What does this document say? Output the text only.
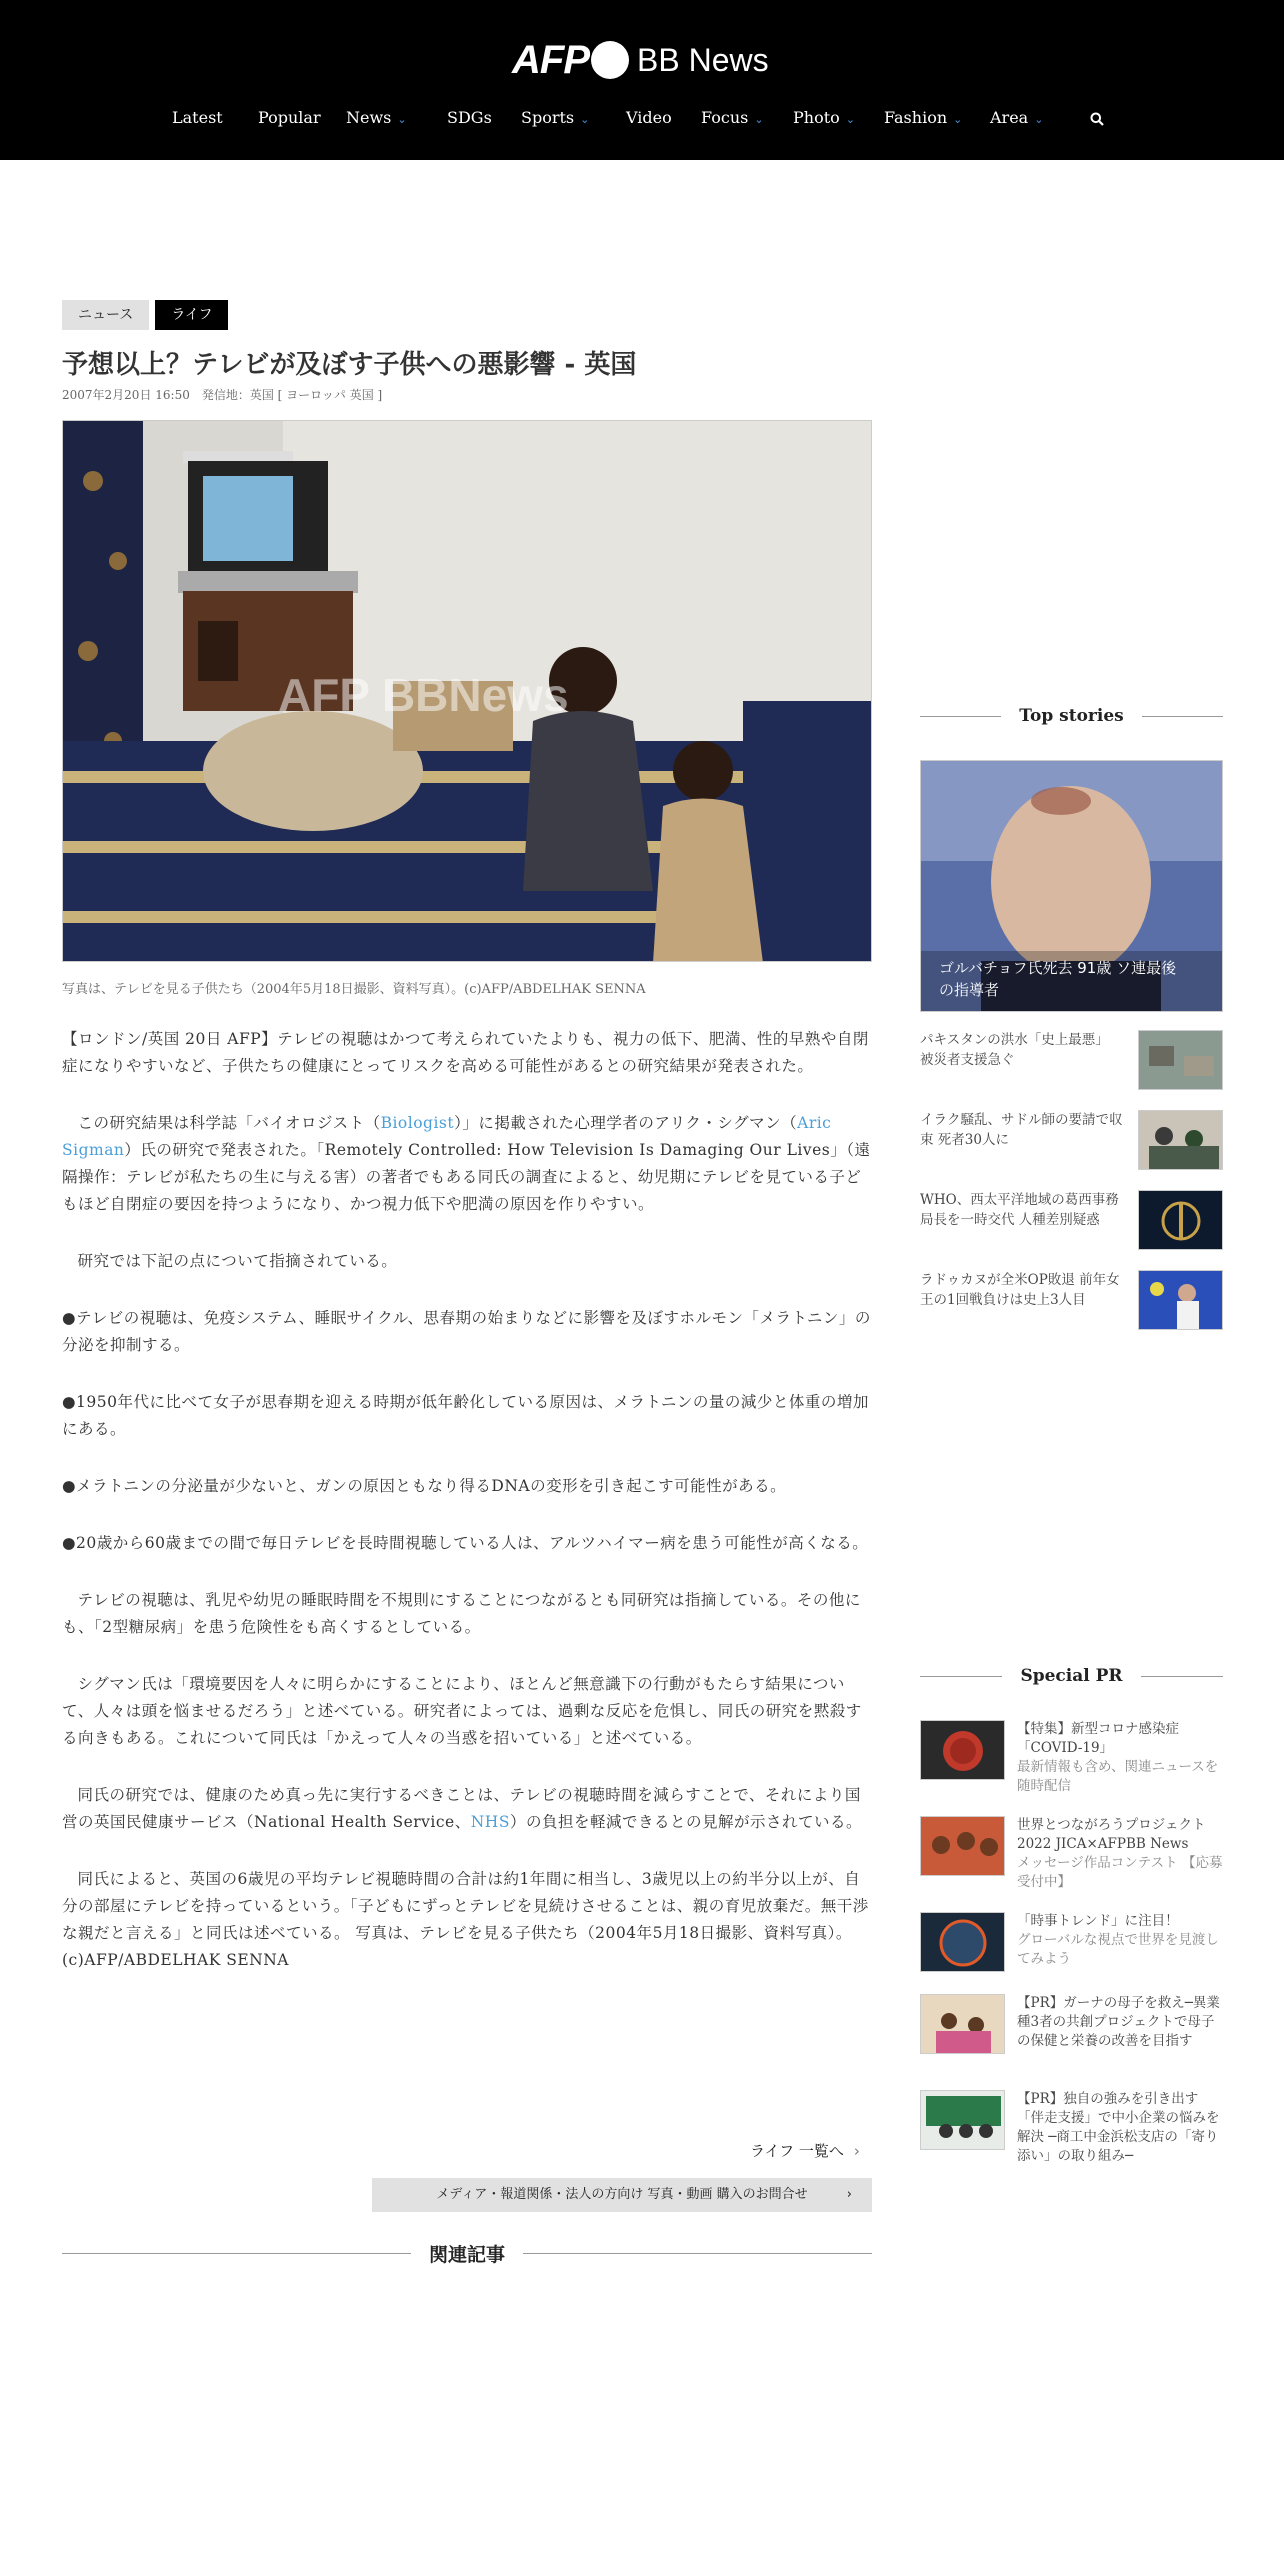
AFP BB News
Latest Popular News ⌄	SDGs Sports ⌄ Video Focus ⌄ Photo ⌄ Fashion ⌄ Area ⌄
ニュース	ライフ
予想以上？テレビが及ぼす子供への悪影響 - 英国
2007年2月20日 16:50　発信地：英国 [ ヨーロッパ 英国 ]
AFP BBNews
写真は、テレビを見る子供たち（2004年5月18日撮影、資料写真）。(c)AFP/ABDELHAK SENNA

【ロンドン/英国 20日 AFP】テレビの視聴はかつて考えられていたよりも、視力の低下、肥満、性的早熟や自閉症になりやすいなど、子供たちの健康にとってリスクを高める可能性があるとの研究結果が発表された。

この研究結果は科学誌「バイオロジスト（Biologist）」に掲載された心理学者のアリク・シグマン（Aric Sigman）氏の研究で発表された。「Remotely Controlled: How Television Is Damaging Our Lives」（遠隔操作：テレビが私たちの生に与える害）の著者でもある同氏の調査によると、幼児期にテレビを見ている子どもほど自閉症の要因を持つようになり、かつ視力低下や肥満の原因を作りやすい。

研究では下記の点について指摘されている。

●テレビの視聴は、免疫システム、睡眠サイクル、思春期の始まりなどに影響を及ぼすホルモン「メラトニン」の分泌を抑制する。

●1950年代に比べて女子が思春期を迎える時期が低年齢化している原因は、メラトニンの量の減少と体重の増加にある。

●メラトニンの分泌量が少ないと、ガンの原因ともなり得るDNAの変形を引き起こす可能性がある。

●20歳から60歳までの間で毎日テレビを長時間視聴している人は、アルツハイマー病を患う可能性が高くなる。

テレビの視聴は、乳児や幼児の睡眠時間を不規則にすることにつながるとも同研究は指摘している。その他にも、「2型糖尿病」を患う危険性をも高くするとしている。

シグマン氏は「環境要因を人々に明らかにすることにより、ほとんど無意識下の行動がもたらす結果について、人々は頭を悩ませるだろう」と述べている。研究者によっては、過剰な反応を危惧し、同氏の研究を黙殺する向きもある。これについて同氏は「かえって人々の当惑を招いている」と述べている。

同氏の研究では、健康のため真っ先に実行するべきことは、テレビの視聴時間を減らすことで、それにより国営の英国民健康サービス（National Health Service、NHS）の負担を軽減できるとの見解が示されている。

同氏によると、英国の6歳児の平均テレビ視聴時間の合計は約1年間に相当し、3歳児以上の約半分以上が、自分の部屋にテレビを持っているという。「子どもにずっとテレビを見続けさせることは、親の育児放棄だ。無干渉な親だと言える」と同氏は述べている。 写真は、テレビを見る子供たち（2004年5月18日撮影、資料写真）。(c)AFP/ABDELHAK SENNA

ライフ 一覧へ ›
メディア・報道関係・法人の方向け 写真・動画 購入のお問合せ	›
関連記事
Top stories
ゴルバチョフ氏死去 91歳 ソ連最後の指導者
パキスタンの洪水「史上最悪」 被災者支援急ぐ
イラク騒乱、サドル師の要請で収束 死者30人に
WHO、西太平洋地域の葛西事務局長を一時交代 人種差別疑惑
ラドゥカヌが全米OP敗退 前年女王の1回戦負けは史上3人目
Special PR
【特集】新型コロナ感染症「COVID-19」
最新情報も含め、関連ニュースを随時配信
世界とつながろうプロジェクト2022 JICA×AFPBB News
メッセージ作品コンテスト 【応募受付中】
「時事トレンド」に注目！
グローバルな視点で世界を見渡してみよう
【PR】ガーナの母子を救え─異業種3者の共創プロジェクトで母子の保健と栄養の改善を目指す
【PR】独自の強みを引き出す「伴走支援」で中小企業の悩みを解決 ─商工中金浜松支店の「寄り添い」の取り組み─
